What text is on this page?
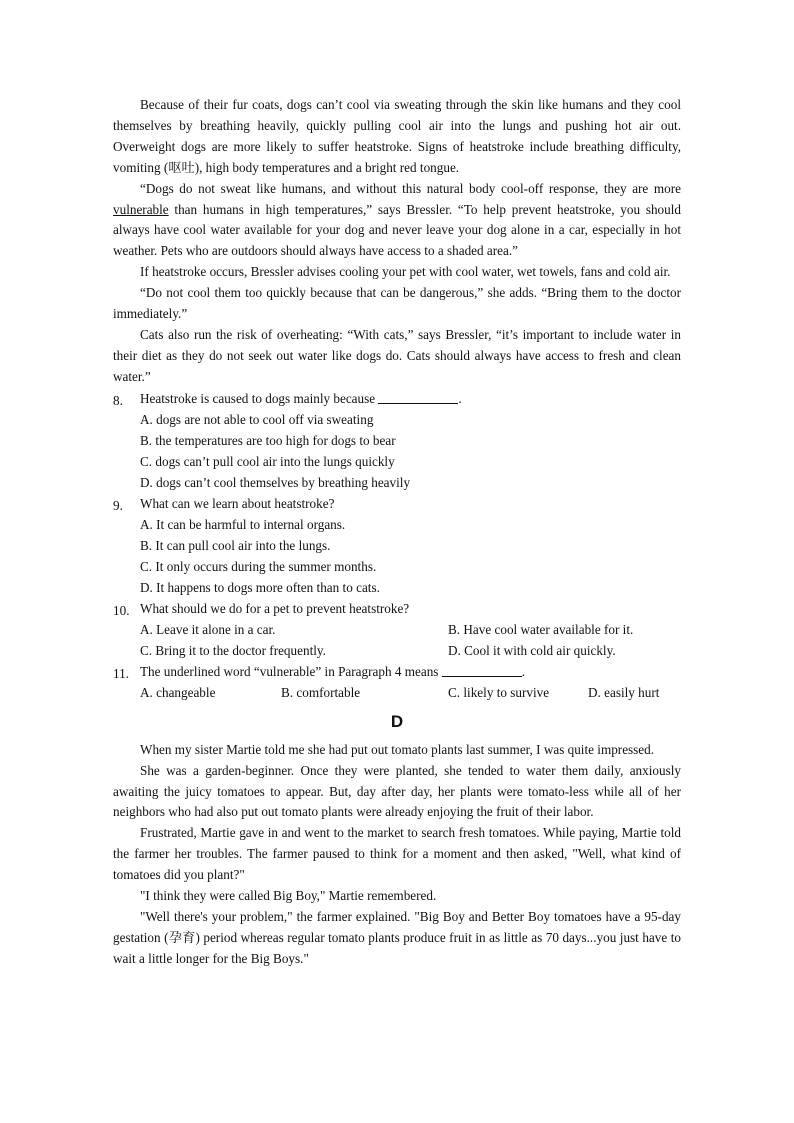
Because of their fur coats, dogs can’t cool via sweating through the skin like humans and they cool themselves by breathing heavily, quickly pulling cool air into the lungs and pushing hot air out. Overweight dogs are more likely to suffer heatstroke. Signs of heatstroke include breathing difficulty, vomiting (呕吐), high body temperatures and a bright red tongue.

“Dogs do not sweat like humans, and without this natural body cool-off response, they are more vulnerable than humans in high temperatures,” says Bressler. “To help prevent heatstroke, you should always have cool water available for your dog and never leave your dog alone in a car, especially in hot weather. Pets who are outdoors should always have access to a shaded area.”

If heatstroke occurs, Bressler advises cooling your pet with cool water, wet towels, fans and cold air.

“Do not cool them too quickly because that can be dangerous,” she adds. “Bring them to the doctor immediately.”

Cats also run the risk of overheating: “With cats,” says Bressler, “it’s important to include water in their diet as they do not seek out water like dogs do. Cats should always have access to fresh and clean water.”

8.	Heatstroke is caused to dogs mainly because	.
A. dogs are not able to cool off via sweating
B. the temperatures are too high for dogs to bear
C. dogs can’t pull cool air into the lungs quickly
D. dogs can’t cool themselves by breathing heavily
9.	What can we learn about heatstroke?
A. It can be harmful to internal organs.
B. It can pull cool air into the lungs.
C. It only occurs during the summer months.
D. It happens to dogs more often than to cats.
10. What should we do for a pet to prevent heatstroke?
A. Leave it alone in a car.	B. Have cool water available for it.
C. Bring it to the doctor frequently.	D. Cool it with cold air quickly.
11. The underlined word “vulnerable” in Paragraph 4 means	.
A. changeable	B. comfortable	C. likely to survive	D. easily hurt
D

When my sister Martie told me she had put out tomato plants last summer, I was quite impressed.

She was a garden-beginner. Once they were planted, she tended to water them daily, anxiously awaiting the juicy tomatoes to appear. But, day after day, her plants were tomato-less while all of her neighbors who had also put out tomato plants were already enjoying the fruit of their labor.

Frustrated, Martie gave in and went to the market to search fresh tomatoes. While paying, Martie told the farmer her troubles. The farmer paused to think for a moment and then asked, "Well, what kind of tomatoes did you plant?"

"I think they were called Big Boy," Martie remembered.

"Well there's your problem," the farmer explained. "Big Boy and Better Boy tomatoes have a 95-day gestation (孕育) period whereas regular tomato plants produce fruit in as little as 70 days...you just have to wait a little longer for the Big Boys."
